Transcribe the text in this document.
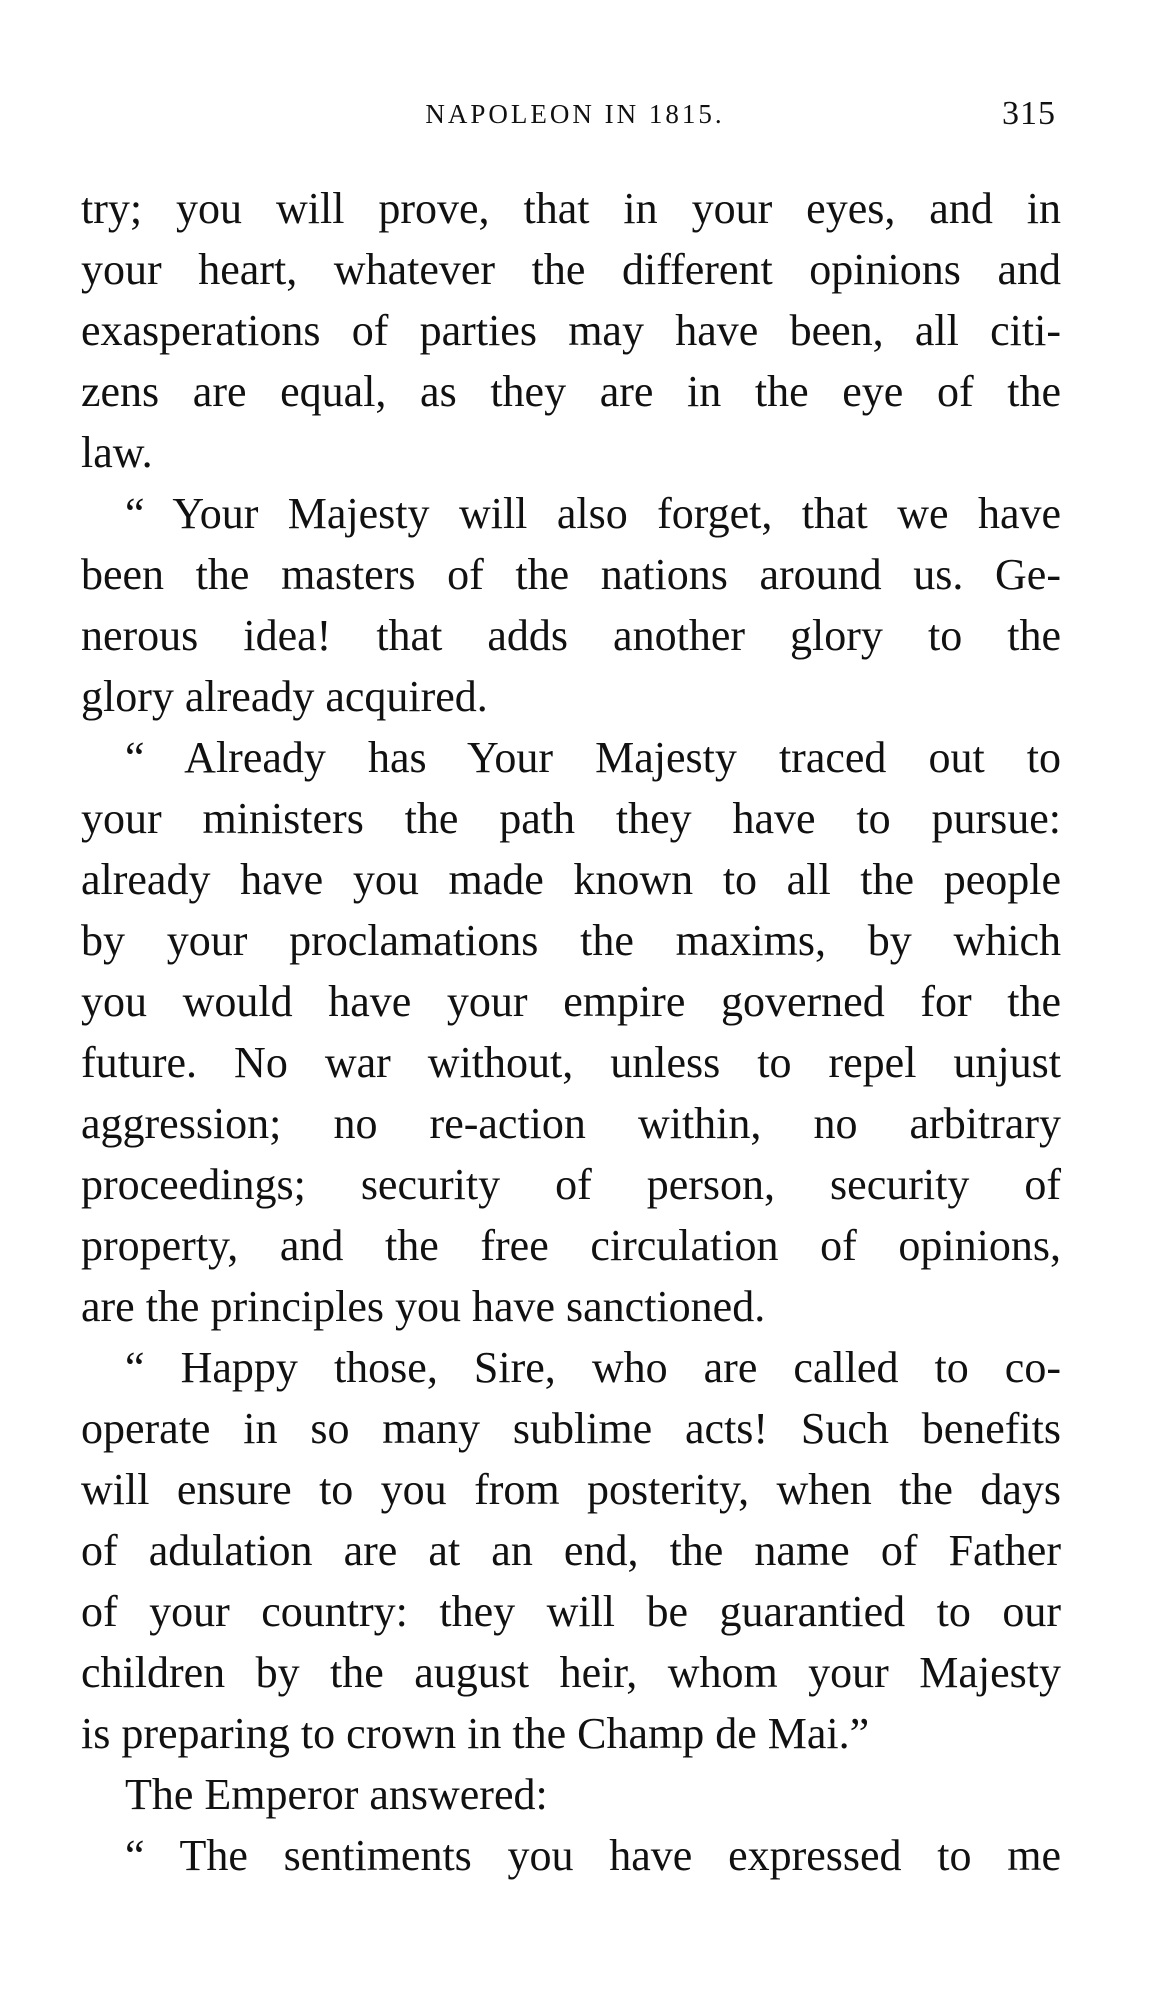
NAPOLEON IN 1815.	315
try; you will prove, that in your eyes, and in
your heart, whatever the different opinions and
exasperations of parties may have been, all citi-
zens are equal, as they are in the eye of the
law.
“ Your Majesty will also forget, that we have
been the masters of the nations around us. Ge-
nerous idea! that adds another glory to the
glory already acquired.
“ Already has Your Majesty traced out to
your ministers the path they have to pursue:
already have you made known to all the people
by your proclamations the maxims, by which
you would have your empire governed for the
future. No war without, unless to repel unjust
aggression; no re-action within, no arbitrary
proceedings; security of person, security of
property, and the free circulation of opinions,
are the principles you have sanctioned.
“ Happy those, Sire, who are called to co-
operate in so many sublime acts! Such benefits
will ensure to you from posterity, when the days
of adulation are at an end, the name of Father
of your country: they will be guarantied to our
children by the august heir, whom your Majesty
is preparing to crown in the Champ de Mai.”
The Emperor answered:
“ The sentiments you have expressed to me
